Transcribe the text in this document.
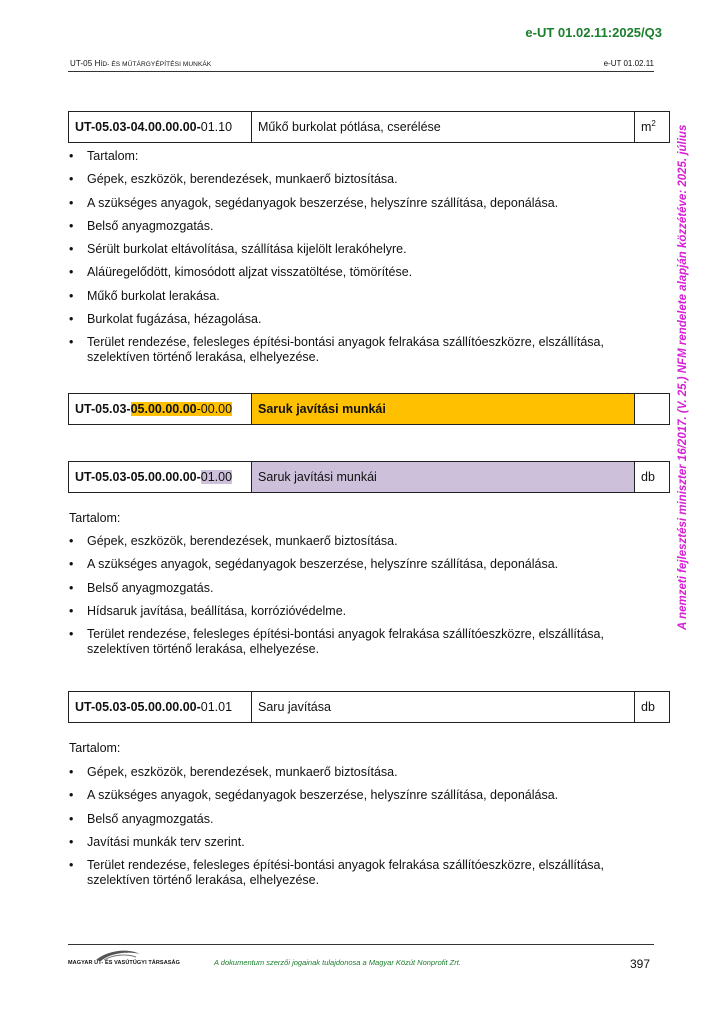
e-UT 01.02.11:2025/Q3
UT-05 HÍD- ÉS MŰTÁRGYÉPÍTÉSI MUNKÁK	e-UT 01.02.11
A nemzeti fejlesztési miniszter 16/2017. (V. 25.) NFM rendelete alapján közzétéve: 2025. július
UT-05.03-04.00.00.00-01.10	Műkő burkolat pótlása, cserélése	$m^2$
• Tartalom:
• Gépek, eszközök, berendezések, munkaerő biztosítása.
• A szükséges anyagok, segédanyagok beszerzése, helyszínre szállítása, deponálása.
• Belső anyagmozgatás.
• Sérült burkolat eltávolítása, szállítása kijelölt lerakóhelyre.
• Aláüregelődött, kimosódott aljzat visszatöltése, tömörítése.
• Műkő burkolat lerakása.
• Burkolat fugázása, hézagolása.
• Terület rendezése, felesleges építési-bontási anyagok felrakása szállítóeszközre, elszállítása, szelektíven történő lerakása, elhelyezése.
UT-05.03-05.00.00.00-00.00	Saruk javítási munkái	
UT-05.03-05.00.00.00-01.00	Saruk javítási munkái	db
Tartalom:
• Gépek, eszközök, berendezések, munkaerő biztosítása.
• A szükséges anyagok, segédanyagok beszerzése, helyszínre szállítása, deponálása.
• Belső anyagmozgatás.
• Hídsaruk javítása, beállítása, korrózióvédelme.
• Terület rendezése, felesleges építési-bontási anyagok felrakása szállítóeszközre, elszállítása, szelektíven történő lerakása, elhelyezése.
UT-05.03-05.00.00.00-01.01	Saru javítása	db
Tartalom:
• Gépek, eszközök, berendezések, munkaerő biztosítása.
• A szükséges anyagok, segédanyagok beszerzése, helyszínre szállítása, deponálása.
• Belső anyagmozgatás.
• Javítási munkák terv szerint.
• Terület rendezése, felesleges építési-bontási anyagok felrakása szállítóeszközre, elszállítása, szelektíven történő lerakása, elhelyezése.
MAGYAR UT- ÉS VASÚTÜGYI TÁRSASÁG	A dokumentum szerzői jogainak tulajdonosa a Magyar Közút Nonprofit Zrt.	397
